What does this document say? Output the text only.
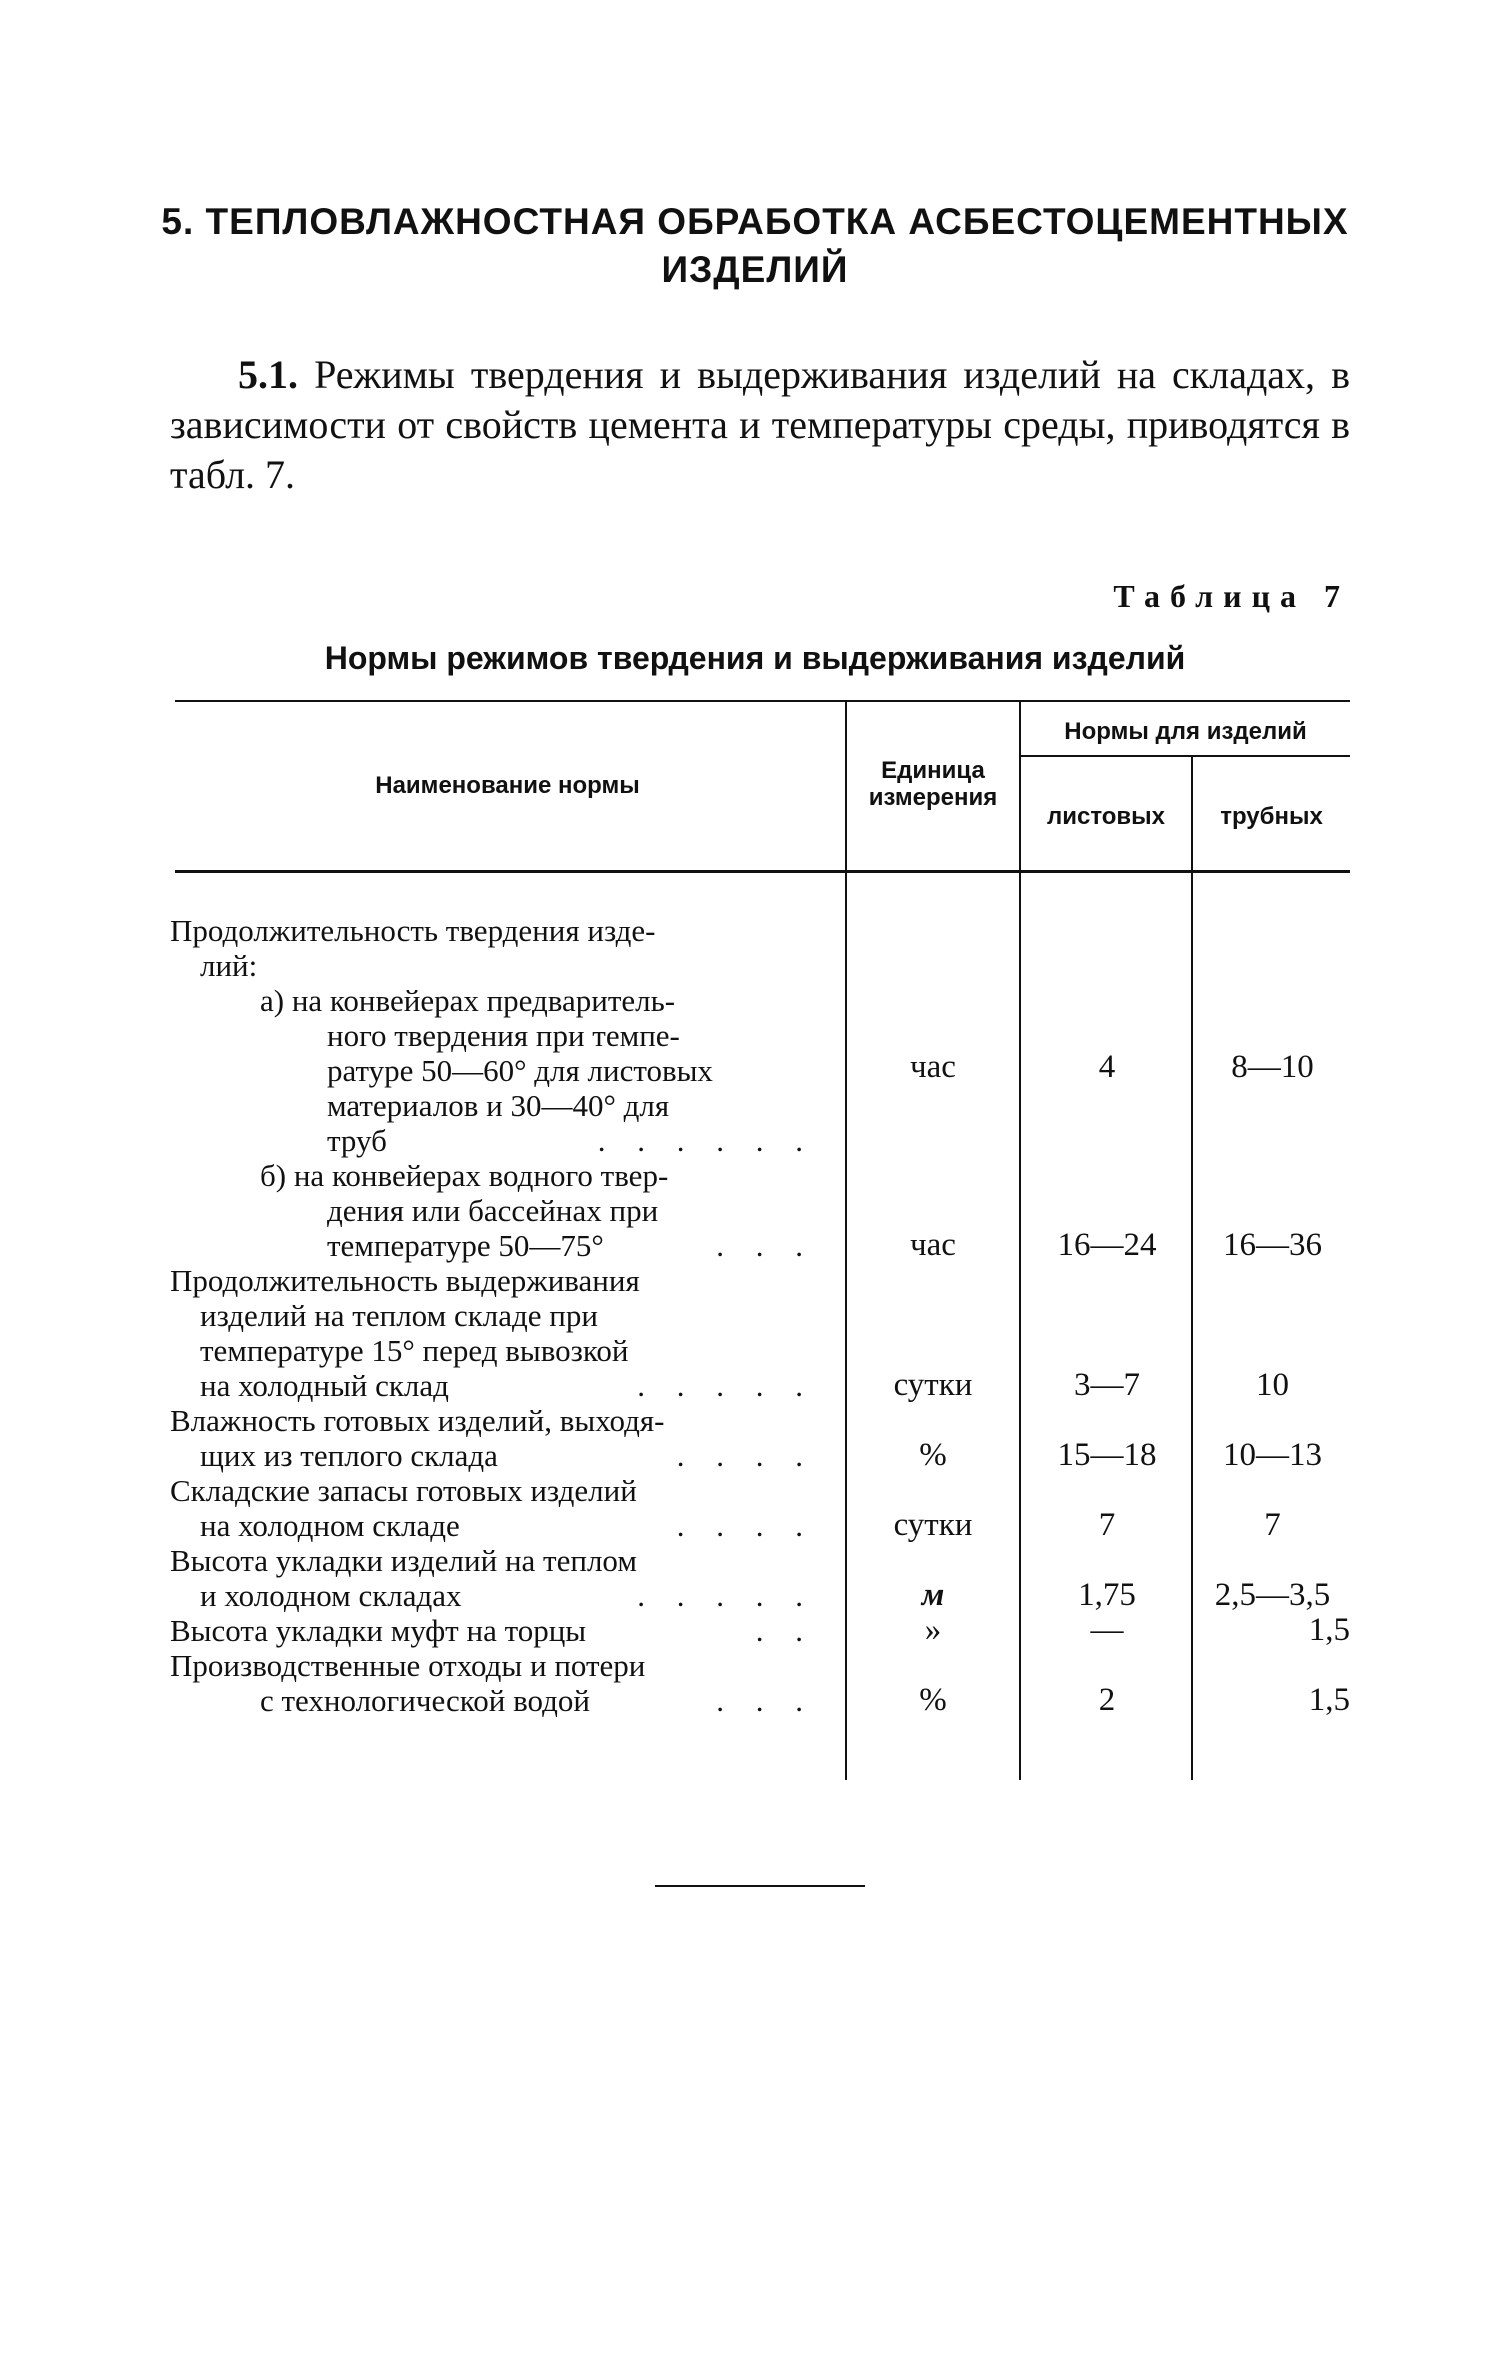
5. ТЕПЛОВЛАЖНОСТНАЯ ОБРАБОТКА АСБЕСТОЦЕМЕНТНЫХ
ИЗДЕЛИЙ
5.1. Режимы твердения и выдерживания изделий на складах, в зависимости от свойств цемента и температуры среды, приводятся в табл. 7.
Таблица 7
Нормы режимов твердения и выдерживания изделий
Наименование нормы
Единица
измерения
Нормы для изделий
листовых	трубных
Продолжительность твердения изде-
лий:
а) на конвейерах предваритель-
ного твердения при темпе-
ратуре 50—60° для листовых
материалов и 30—40° для
труб	. . . . . .
час	4	8—10
б) на конвейерах водного твер-
дения или бассейнах при
температуре 50—75°	. . .	час	16—24	16—36
Продолжительность выдерживания
изделий на теплом складе при
температуре 15° перед вывозкой
на холодный склад	. . . . .	сутки	3—7	10
Влажность готовых изделий, выходя-
щих из теплого склада	. . . .	%	15—18	10—13
Складские запасы готовых изделий
на холодном складе	. . . .	сутки	7	7
Высота укладки изделий на теплом
и холодном складах	. . . . .	м	1,75	2,5—3,5
Высота укладки муфт на торцы	. .	»	—	1,5
Производственные отходы и потери
с технологической водой	. . .	%	2	1,5
